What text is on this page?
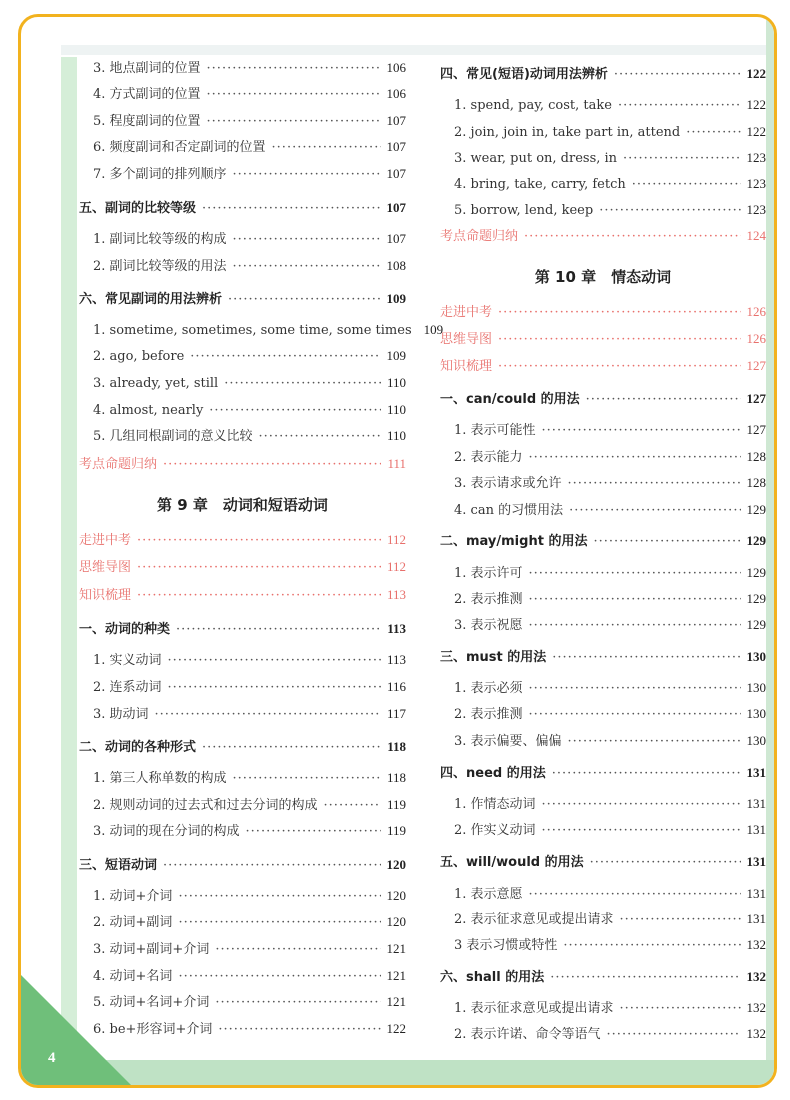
4
3. 地点副词的位置 ·····	106
4. 方式副词的位置 ·····	106
5. 程度副词的位置 ·····	107
6. 频度副词和否定副词的位置 ·····	107
7. 多个副词的排列顺序 ·····	107
五、副词的比较等级 ·····	107
1. 副词比较等级的构成 ·····	107
2. 副词比较等级的用法 ·····	108
六、常见副词的用法辨析 ·····	109
1. sometime, sometimes, some time, some times 109
2. ago, before ·····	109
3. already, yet, still ·····	110
4. almost, nearly ·····	110
5. 几组同根副词的意义比较 ·····	110
考点命题归纳 ·····	111
第 9 章　动词和短语动词
走进中考 ·····	112
思维导图 ·····	112
知识梳理 ·····	113
一、动词的种类 ·····	113
1. 实义动词 ·····	113
2. 连系动词 ·····	116
3. 助动词 ·····	117
二、动词的各种形式 ·····	118
1. 第三人称单数的构成 ·····	118
2. 规则动词的过去式和过去分词的构成 ·····	119
3. 动词的现在分词的构成 ·····	119
三、短语动词 ·····	120
1. 动词+介词 ·····	120
2. 动词+副词 ·····	120
3. 动词+副词+介词 ·····	121
4. 动词+名词 ·····	121
5. 动词+名词+介词 ·····	121
6. be+形容词+介词 ·····	122
四、常见(短语)动词用法辨析 ·····	122
1. spend, pay, cost, take ·····	122
2. join, join in, take part in, attend ·····	122
3. wear, put on, dress, in ·····	123
4. bring, take, carry, fetch ·····	123
5. borrow, lend, keep ·····	123
考点命题归纳 ·····	124
第 10 章　情态动词
走进中考 ·····	126
思维导图 ·····	126
知识梳理 ·····	127
一、can/could 的用法 ·····	127
1. 表示可能性 ·····	127
2. 表示能力 ·····	128
3. 表示请求或允许 ·····	128
4. can 的习惯用法 ·····	129
二、may/might 的用法 ·····	129
1. 表示许可 ·····	129
2. 表示推测 ·····	129
3. 表示祝愿 ·····	129
三、must 的用法 ·····	130
1. 表示必须 ·····	130
2. 表示推测 ·····	130
3. 表示偏要、偏偏 ·····	130
四、need 的用法 ·····	131
1. 作情态动词 ·····	131
2. 作实义动词 ·····	131
五、will/would 的用法 ·····	131
1. 表示意愿 ·····	131
2. 表示征求意见或提出请求 ·····	131
3 表示习惯或特性 ·····	132
六、shall 的用法 ·····	132
1. 表示征求意见或提出请求 ·····	132
2. 表示许诺、命令等语气 ·····	132
